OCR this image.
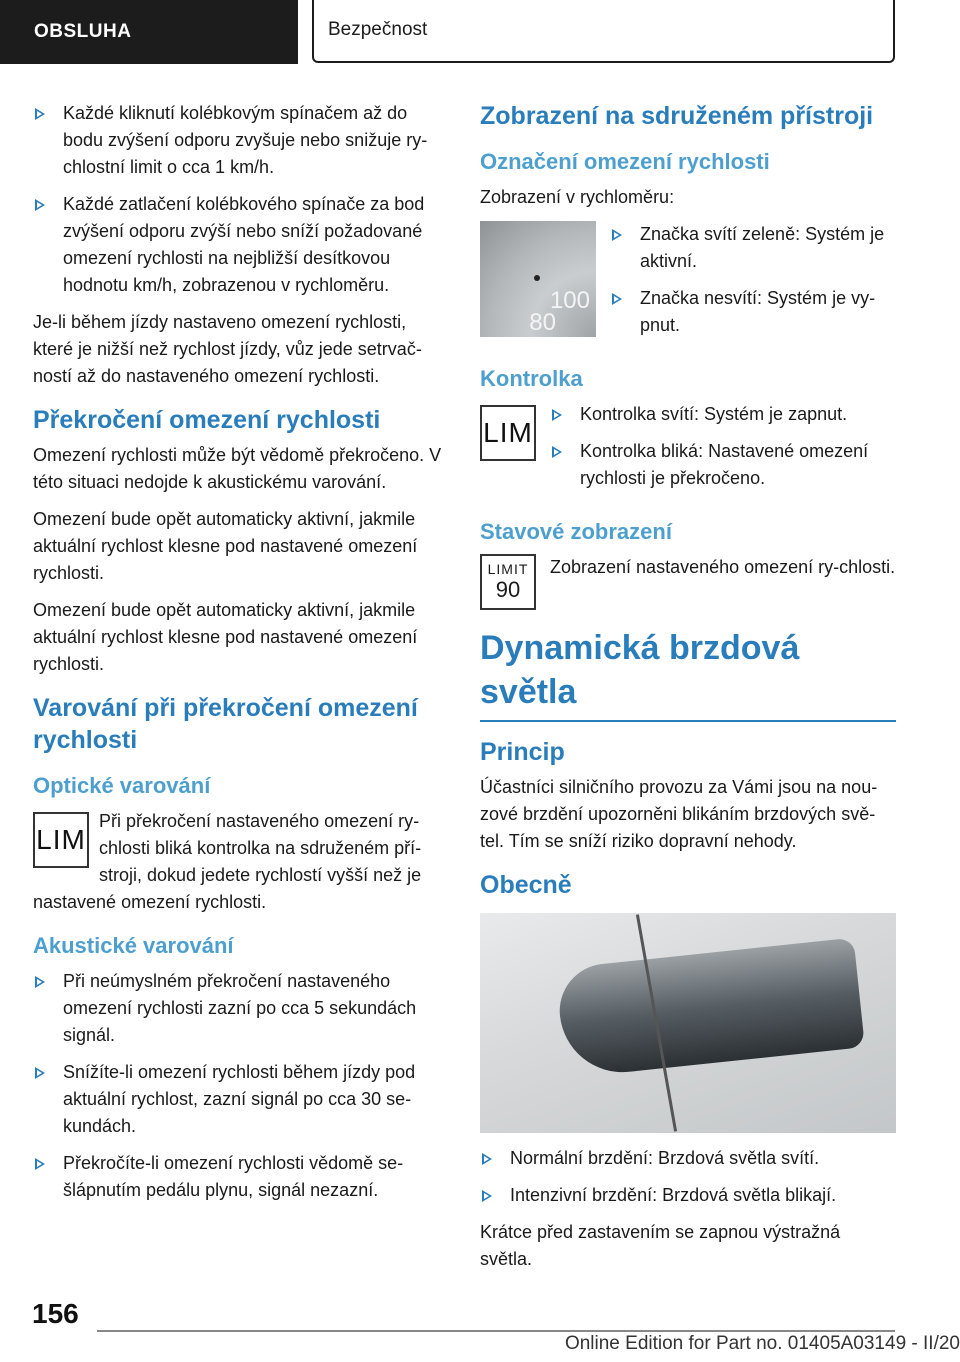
OBSLUHA	Bezpečnost
Každé kliknutí kolébkovým spínačem až do bodu zvýšení odporu zvyšuje nebo snižuje ry-chlostní limit o cca 1 km/h.
Každé zatlačení kolébkového spínače za bod zvýšení odporu zvýší nebo sníží požadované omezení rychlosti na nejbližší desítkovou hodnotu km/h, zobrazenou v rychloměru.

Je-li během jízdy nastaveno omezení rychlosti, které je nižší než rychlost jízdy, vůz jede setrvač-ností až do nastaveného omezení rychlosti.

Překročení omezení rychlosti

Omezení rychlosti může být vědomě překročeno. V této situaci nedojde k akustickému varování.

Omezení bude opět automaticky aktivní, jakmile aktuální rychlost klesne pod nastavené omezení rychlosti.

Omezení bude opět automaticky aktivní, jakmile aktuální rychlost klesne pod nastavené omezení rychlosti.

Varování při překročení omezení rychlosti
Optické varování
LIM

Při překročení nastaveného omezení ry-chlosti bliká kontrolka na sdruženém pří-stroji, dokud jedete rychlostí vyšší než je nastavené omezení rychlosti.

Akustické varování
Při neúmyslném překročení nastaveného omezení rychlosti zazní po cca 5 sekundách signál.
Snížíte-li omezení rychlosti během jízdy pod aktuální rychlost, zazní signál po cca 30 se-kundách.
Překročíte-li omezení rychlosti vědomě se-šlápnutím pedálu plynu, signál nezazní.
Zobrazení na sdruženém přístroji
Označení omezení rychlosti

Zobrazení v rychloměru:

100
80
Značka svítí zeleně: Systém je aktivní.
Značka nesvítí: Systém je vy-pnut.
Kontrolka
LIM
Kontrolka svítí: Systém je zapnut.
Kontrolka bliká: Nastavené omezení rychlosti je překročeno.
Stavové zobrazení
LIMIT
90

Zobrazení nastaveného omezení ry-chlosti.

Dynamická brzdová světla
Princip

Účastníci silničního provozu za Vámi jsou na nou-zové brzdění upozorněni blikáním brzdových svě-tel. Tím se sníží riziko dopravní nehody.

Obecně
Normální brzdění: Brzdová světla svítí.
Intenzivní brzdění: Brzdová světla blikají.

Krátce před zastavením se zapnou výstražná světla.

156
Online Edition for Part no. 01405A03149 - II/20
